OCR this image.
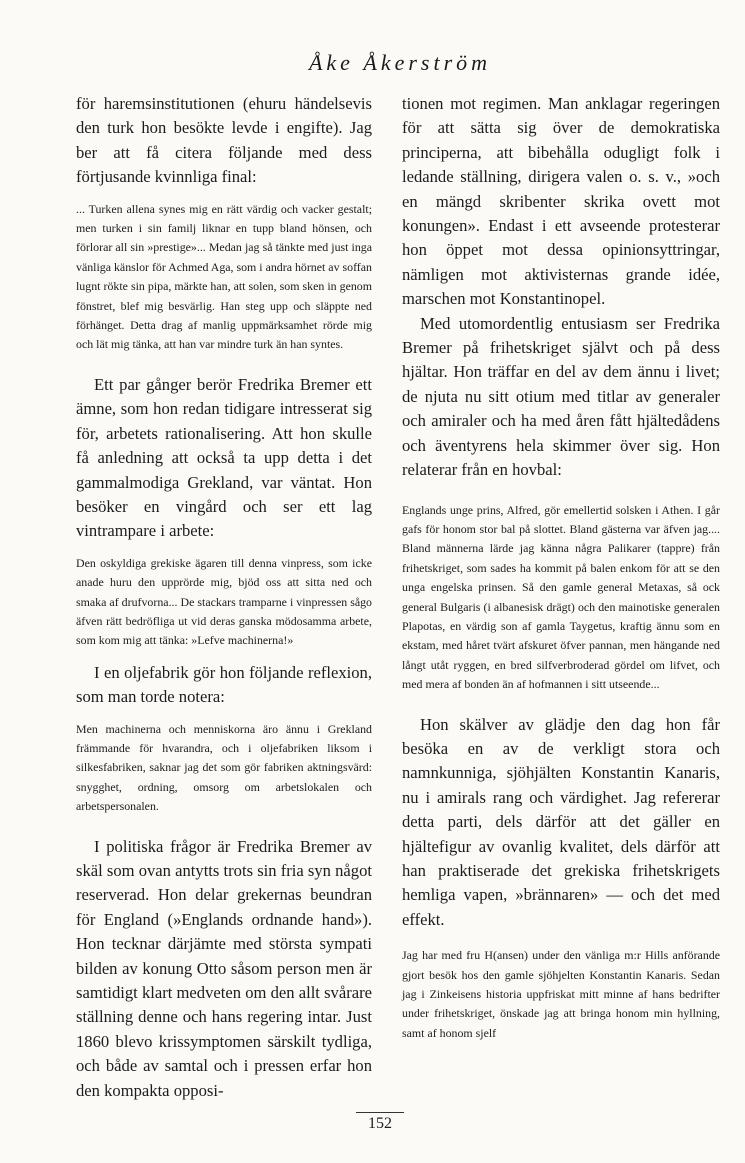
Åke Åkerström

för haremsinstitutionen (ehuru händelsevis den turk hon besökte levde i engifte). Jag ber att få citera följande med dess förtjusande kvinnliga final:

... Turken allena synes mig en rätt värdig och vacker gestalt; men turken i sin familj liknar en tupp bland hönsen, och förlorar all sin »prestige»... Medan jag så tänkte med just inga vänliga känslor för Achmed Aga, som i andra hörnet av soffan lugnt rökte sin pipa, märkte han, att solen, som sken in genom fönstret, blef mig besvärlig. Han steg upp och släppte ned förhänget. Detta drag af manlig uppmärksamhet rörde mig och lät mig tänka, att han var mindre turk än han syntes.

Ett par gånger berör Fredrika Bremer ett ämne, som hon redan tidigare intresserat sig för, arbetets rationalisering. Att hon skulle få anledning att också ta upp detta i det gammalmodiga Grekland, var väntat. Hon besöker en vingård och ser ett lag vintrampare i arbete:

Den oskyldiga grekiske ägaren till denna vinpress, som icke anade huru den upprörde mig, bjöd oss att sitta ned och smaka af drufvorna... De stackars tramparne i vinpressen sågo äfven rätt bedröfliga ut vid deras ganska mödosamma arbete, som kom mig att tänka: »Lefve machinerna!»

I en oljefabrik gör hon följande reflexion, som man torde notera:

Men machinerna och menniskorna äro ännu i Grekland främmande för hvarandra, och i oljefabriken liksom i silkesfabriken, saknar jag det som gör fabriken aktningsvärd: snygghet, ordning, omsorg om arbetslokalen och arbetspersonalen.

I politiska frågor är Fredrika Bremer av skäl som ovan antytts trots sin fria syn något reserverad. Hon delar grekernas beundran för England (»Englands ordnande hand»). Hon tecknar därjämte med största sympati bilden av konung Otto såsom person men är samtidigt klart medveten om den allt svårare ställning denne och hans regering intar. Just 1860 blevo krissymptomen särskilt tydliga, och både av samtal och i pressen erfar hon den kompakta opposi-

tionen mot regimen. Man anklagar regeringen för att sätta sig över de demokratiska principerna, att bibehålla odugligt folk i ledande ställning, dirigera valen o. s. v., »och en mängd skribenter skrika ovett mot konungen». Endast i ett avseende protesterar hon öppet mot dessa opinionsyttringar, nämligen mot aktivisternas grande idée, marschen mot Konstantinopel.

Med utomordentlig entusiasm ser Fredrika Bremer på frihetskriget självt och på dess hjältar. Hon träffar en del av dem ännu i livet; de njuta nu sitt otium med titlar av generaler och amiraler och ha med åren fått hjältedådens och äventyrens hela skimmer över sig. Hon relaterar från en hovbal:

Englands unge prins, Alfred, gör emellertid solsken i Athen. I går gafs för honom stor bal på slottet. Bland gästerna var äfven jag.... Bland männerna lärde jag känna några Palikarer (tappre) från frihetskriget, som sades ha kommit på balen enkom för att se den unga engelska prinsen. Så den gamle general Metaxas, så ock general Bulgaris (i albanesisk drägt) och den mainotiske generalen Plapotas, en värdig son af gamla Taygetus, kraftig ännu som en ekstam, med håret tvärt afskuret öfver pannan, men hängande ned långt utåt ryggen, en bred silfverbroderad gördel om lifvet, och med mera af bonden än af hofmannen i sitt utseende...

Hon skälver av glädje den dag hon får besöka en av de verkligt stora och namnkunniga, sjöhjälten Konstantin Kanaris, nu i amirals rang och värdighet. Jag refererar detta parti, dels därför att det gäller en hjältefigur av ovanlig kvalitet, dels därför att han praktiserade det grekiska frihetskrigets hemliga vapen, »brännaren» — och det med effekt.

Jag har med fru H(ansen) under den vänliga m:r Hills anförande gjort besök hos den gamle sjöhjelten Konstantin Kanaris. Sedan jag i Zinkeisens historia uppfriskat mitt minne af hans bedrifter under frihetskriget, önskade jag att bringa honom min hyllning, samt af honom sjelf

152
